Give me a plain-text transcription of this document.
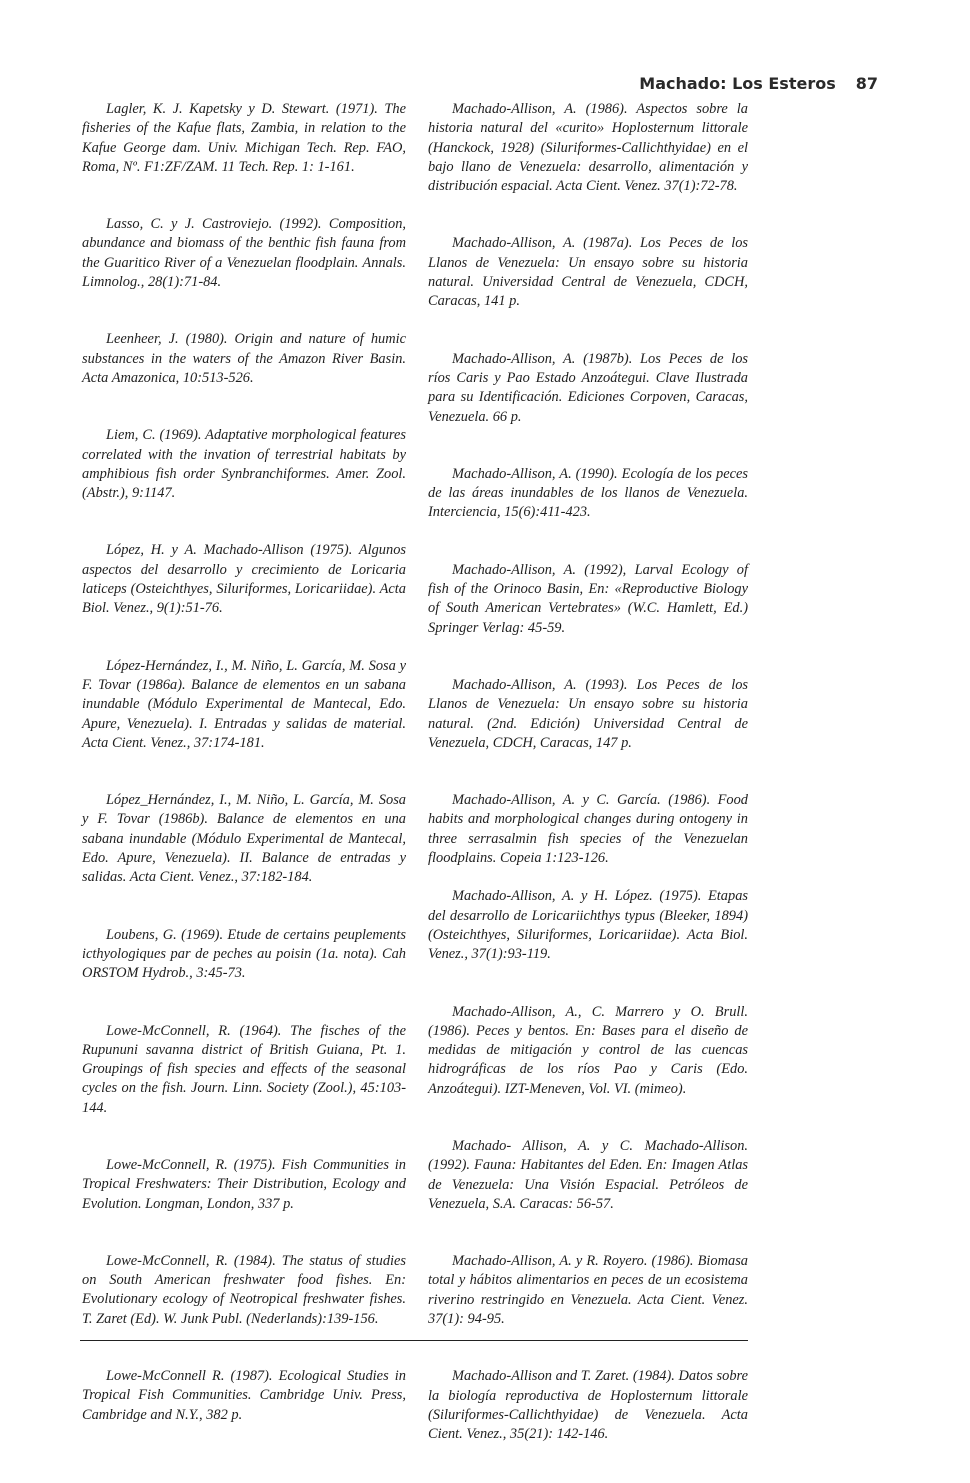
Machado: Los Esteros 87

Lagler, K. J. Kapetsky y D. Stewart. (1971). The fisheries of the Kafue flats, Zambia, in relation to the Kafue George dam. Univ. Michigan Tech. Rep. FAO, Roma, Nº. F1:ZF/ZAM. 11 Tech. Rep. 1: 1-161.

Lasso, C. y J. Castroviejo. (1992). Composition, abundance and biomass of the benthic fish fauna from the Guaritico River of a Venezuelan floodplain. Annals. Limnolog., 28(1):71-84.

Leenheer, J. (1980). Origin and nature of humic substances in the waters of the Amazon River Basin. Acta Amazonica, 10:513-526.

Liem, C. (1969). Adaptative morphological features correlated with the invation of terrestrial habitats by amphibious fish order Synbranchiformes. Amer. Zool. (Abstr.), 9:1147.

López, H. y A. Machado-Allison (1975). Algunos aspectos del desarrollo y crecimiento de Loricaria laticeps (Osteichthyes, Siluriformes, Loricariidae). Acta Biol. Venez., 9(1):51-76.

López-Hernández, I., M. Niño, L. García, M. Sosa y F. Tovar (1986a). Balance de elementos en un sabana inundable (Módulo Experimental de Mantecal, Edo. Apure, Venezuela). I. Entradas y salidas de material. Acta Cient. Venez., 37:174-181.

López_Hernández, I., M. Niño, L. García, M. Sosa y F. Tovar (1986b). Balance de elementos en una sabana inundable (Módulo Experimental de Mantecal, Edo. Apure, Venezuela). II. Balance de entradas y salidas. Acta Cient. Venez., 37:182-184.

Loubens, G. (1969). Etude de certains peuplements icthyologiques par de peches au poisin (1a. nota). Cah ORSTOM Hydrob., 3:45-73.

Lowe-McConnell, R. (1964). The fisches of the Rupununi savanna district of British Guiana, Pt. 1. Groupings of fish species and effects of the seasonal cycles on the fish. Journ. Linn. Society (Zool.), 45:103-144.

Lowe-McConnell, R. (1975). Fish Communities in Tropical Freshwaters: Their Distribution, Ecology and Evolution. Longman, London, 337 p.

Lowe-McConnell, R. (1984). The status of studies on South American freshwater food fishes. En: Evolutionary ecology of Neotropical freshwater fishes. T. Zaret (Ed). W. Junk Publ. (Nederlands):139-156.

Lowe-McConnell R. (1987). Ecological Studies in Tropical Fish Communities. Cambridge Univ. Press, Cambridge and N.Y., 382 p.

Machado-Allison, A. (1986). Aspectos sobre la historia natural del «curito» Hoplosternum littorale (Hanckock, 1928) (Siluriformes-Callichthyidae) en el bajo llano de Venezuela: desarrollo, alimentación y distribución espacial. Acta Cient. Venez. 37(1):72-78.

Machado-Allison, A. (1987a). Los Peces de los Llanos de Venezuela: Un ensayo sobre su historia natural. Universidad Central de Venezuela, CDCH, Caracas, 141 p.

Machado-Allison, A. (1987b). Los Peces de los ríos Caris y Pao Estado Anzoátegui. Clave Ilustrada para su Identificación. Ediciones Corpoven, Caracas, Venezuela. 66 p.

Machado-Allison, A. (1990). Ecología de los peces de las áreas inundables de los llanos de Venezuela. Interciencia, 15(6):411-423.

Machado-Allison, A. (1992), Larval Ecology of fish of the Orinoco Basin, En: «Reproductive Biology of South American Vertebrates» (W.C. Hamlett, Ed.) Springer Verlag: 45-59.

Machado-Allison, A. (1993). Los Peces de los Llanos de Venezuela: Un ensayo sobre su historia natural. (2nd. Edición) Universidad Central de Venezuela, CDCH, Caracas, 147 p.

Machado-Allison, A. y C. García. (1986). Food habits and morphological changes during ontogeny in three serrasalmin fish species of the Venezuelan floodplains. Copeia 1:123-126.

Machado-Allison, A. y H. López. (1975). Etapas del desarrollo de Loricariichthys typus (Bleeker, 1894) (Osteichthyes, Siluriformes, Loricariidae). Acta Biol. Venez., 37(1):93-119.

Machado-Allison, A., C. Marrero y O. Brull. (1986). Peces y bentos. En: Bases para el diseño de medidas de mitigación y control de las cuencas hidrográficas de los ríos Pao y Caris (Edo. Anzoátegui). IZT-Meneven, Vol. VI. (mimeo).

Machado- Allison, A. y C. Machado-Allison. (1992). Fauna: Habitantes del Eden. En: Imagen Atlas de Venezuela: Una Visión Espacial. Petróleos de Venezuela, S.A. Caracas: 56-57.

Machado-Allison, A. y R. Royero. (1986). Biomasa total y hábitos alimentarios en peces de un ecosistema riverino restringido en Venezuela. Acta Cient. Venez. 37(1): 94-95.

Machado-Allison and T. Zaret. (1984). Datos sobre la biología reproductiva de Hoplosternum littorale (Siluriformes-Callichthyidae) de Venezuela. Acta Cient. Venez., 35(21): 142-146.
